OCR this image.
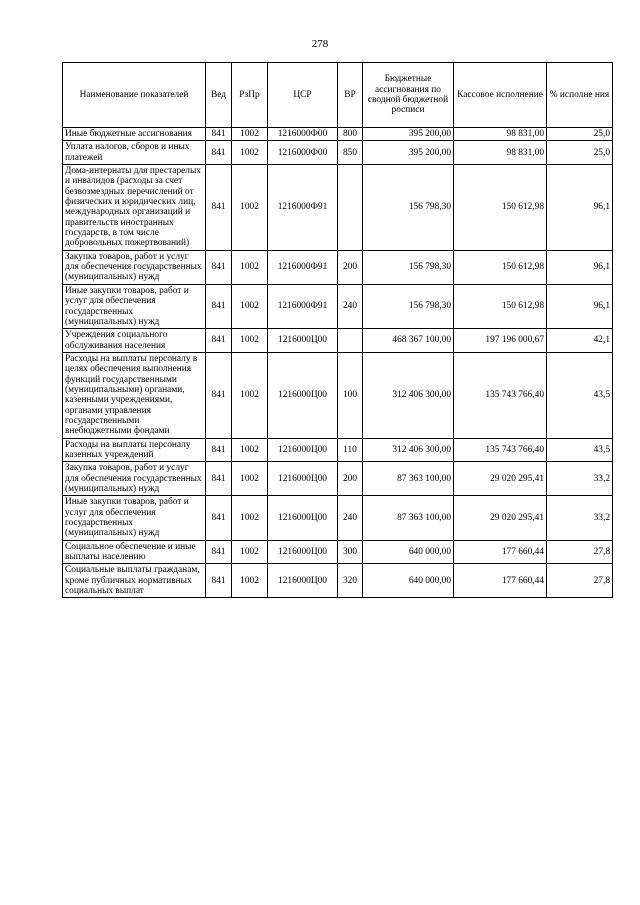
278
Наименование показателей	Вед	РзПр	ЦСР	ВР	Бюджетные ассигнования по сводной бюджетной росписи	Кассовое исполнение	% исполне ния
Иные бюджетные ассигнования	841	1002	1216000Ф00	800	395 200,00	98 831,00	25,0
Уплата налогов, сборов и иных платежей	841	1002	1216000Ф00	850	395 200,00	98 831,00	25,0
Дома-интернаты для престарелых и инвалидов (расходы за счет безвозмездных перечислений от физических и юридических лиц, международных организаций и правительств иностранных государств, в том числе добровольных пожертвований)	841	1002	1216000Ф91		156 798,30	150 612,98	96,1
Закупка товаров, работ и услуг для обеспечения государственных (муниципальных) нужд	841	1002	1216000Ф91	200	156 798,30	150 612,98	96,1
Иные закупки товаров, работ и услуг для обеспечения государственных (муниципальных) нужд	841	1002	1216000Ф91	240	156 798,30	150 612,98	96,1
Учреждения социального обслуживания населения	841	1002	1216000Ц00		468 367 100,00	197 196 000,67	42,1
Расходы на выплаты персоналу в целях обеспечения выполнения функций государственными (муниципальными) органами, казенными учреждениями, органами управления государственными внебюджетными фондами	841	1002	1216000Ц00	100	312 406 300,00	135 743 766,40	43,5
Расходы на выплаты персоналу казенных учреждений	841	1002	1216000Ц00	110	312 406 300,00	135 743 766,40	43,5
Закупка товаров, работ и услуг для обеспечения государственных (муниципальных) нужд	841	1002	1216000Ц00	200	87 363 100,00	29 020 295,41	33,2
Иные закупки товаров, работ и услуг для обеспечения государственных (муниципальных) нужд	841	1002	1216000Ц00	240	87 363 100,00	29 020 295,41	33,2
Социальное обеспечение и иные выплаты населению	841	1002	1216000Ц00	300	640 000,00	177 660,44	27,8
Социальные выплаты гражданам, кроме публичных нормативных социальных выплат	841	1002	1216000Ц00	320	640 000,00	177 660,44	27,8
